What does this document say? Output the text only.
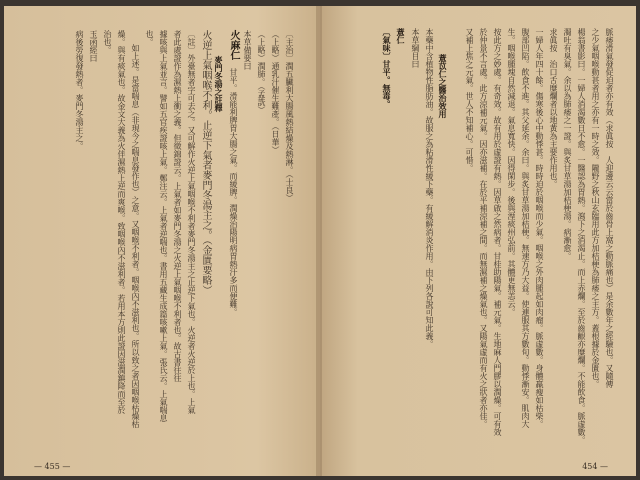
〔主治〕潤五臟利大腸風熱結燥及熱淋。（士良）
（上略）通乳汁催生難產。（日華）
（上略）潤肺。（孟詵）
本草備要曰
火麻仁　甘平。滑能利脾胃大腸之氣。而緩脾。潤燥治陽明病胃熱汗多而便難。
麥門冬湯之註釋
火逆上氣咽喉不利。止逆下氣者麥門冬湯主之。（金匱要略）
〔註〕外臺無者字可去之。又可解作火逆上氣咽喉不利者麥門冬湯主之止逆下氣也。火逆者火逆於上也。上氣
者此處證作為濕熱上衝之義。但徵錦證云。上氣者如麥門冬湯之火逆上氣咽喉不利者也。故古書往往
據咳與上氣並言。譬如五官疾證咳上氣。鄭注云。上氣者逆喘也。書用五藏生成篇咳嗽上氣。張氏云。上氣喘息
也。
如上述。是當喘息（非現今之喘息發作也）之意。又咽喉不利者。咽喉內不滋利也。所以致之者因咽喉枯燥枯
燥。與有痰氣也。故金文大義為火伴濕熱上逆而爽喉。致咽喉內不滋利者。若用本方則此證因滋潤鎮降而至於
治也。
玉函經曰
病後勞復發熱者。麥門冬湯主之。
— 455 —
脈痿滑氣發促迫者亦有效（求眞按　人迎邊云云當於齒骨上窩之動脈痛也）是余數年之經驗也。又隨傳
之少氣咽喉動甚者用之亦有一時之效。隴野之秋山玄臨用此方加桔梗為肺痿之主方。蓋根據於金匱也。
楊翁書影曰。一婦人消渴數日不愈。一醫認為胃熱。瀉下之消渴止。而上赤爛。至於齒齦亦糜爛。不能飲食。脈虛數。
濁吐有臭氣。余以為肺痿之一證。與炙甘草湯加桔梗湯。病漸愈。
求眞按　治口舌糜爛者以地黃為主要作用也。
一婦人年四十餘。傷寒後心中動悸甚。時時迫於咽喉而少氣。咽喉之外肉腫起如肉瘤。脈虛數。身體羸瘦如枯柴。
腹部凹陷。飲食不進。其父延余。余曰。與炙甘草湯加桔梗。無速方乃大益。使連服其方數旬。動悸漸安。肌肉大
生。咽喉腫塊自然減退。氣息寬快。因得閑步。後與溼痰州弘前。其體更無恙云。
按此方之妙處。有奇效。故有用於虛證有熱。因草啟之然病者。甘桂助陽氣。補元氣。生地麻人門膠以潤燥。可有效
於仲景不言處。此方涼補元氣。因亦滋補。在於平補涼補之間。而無濕補之燥氣也。又陽氣虛而有火之狀者亦佳。
又補上焦之元氣。世人不知補心。可惜。
薏苡仁之醫治效用
本藥中含植物性脂肪油。故服之為粘滑性緩下藥。有緩解消炎作用。由下列各說可知此義。
本草綱目曰
薏仁
〔氣味〕甘平。無毒。
454 —
